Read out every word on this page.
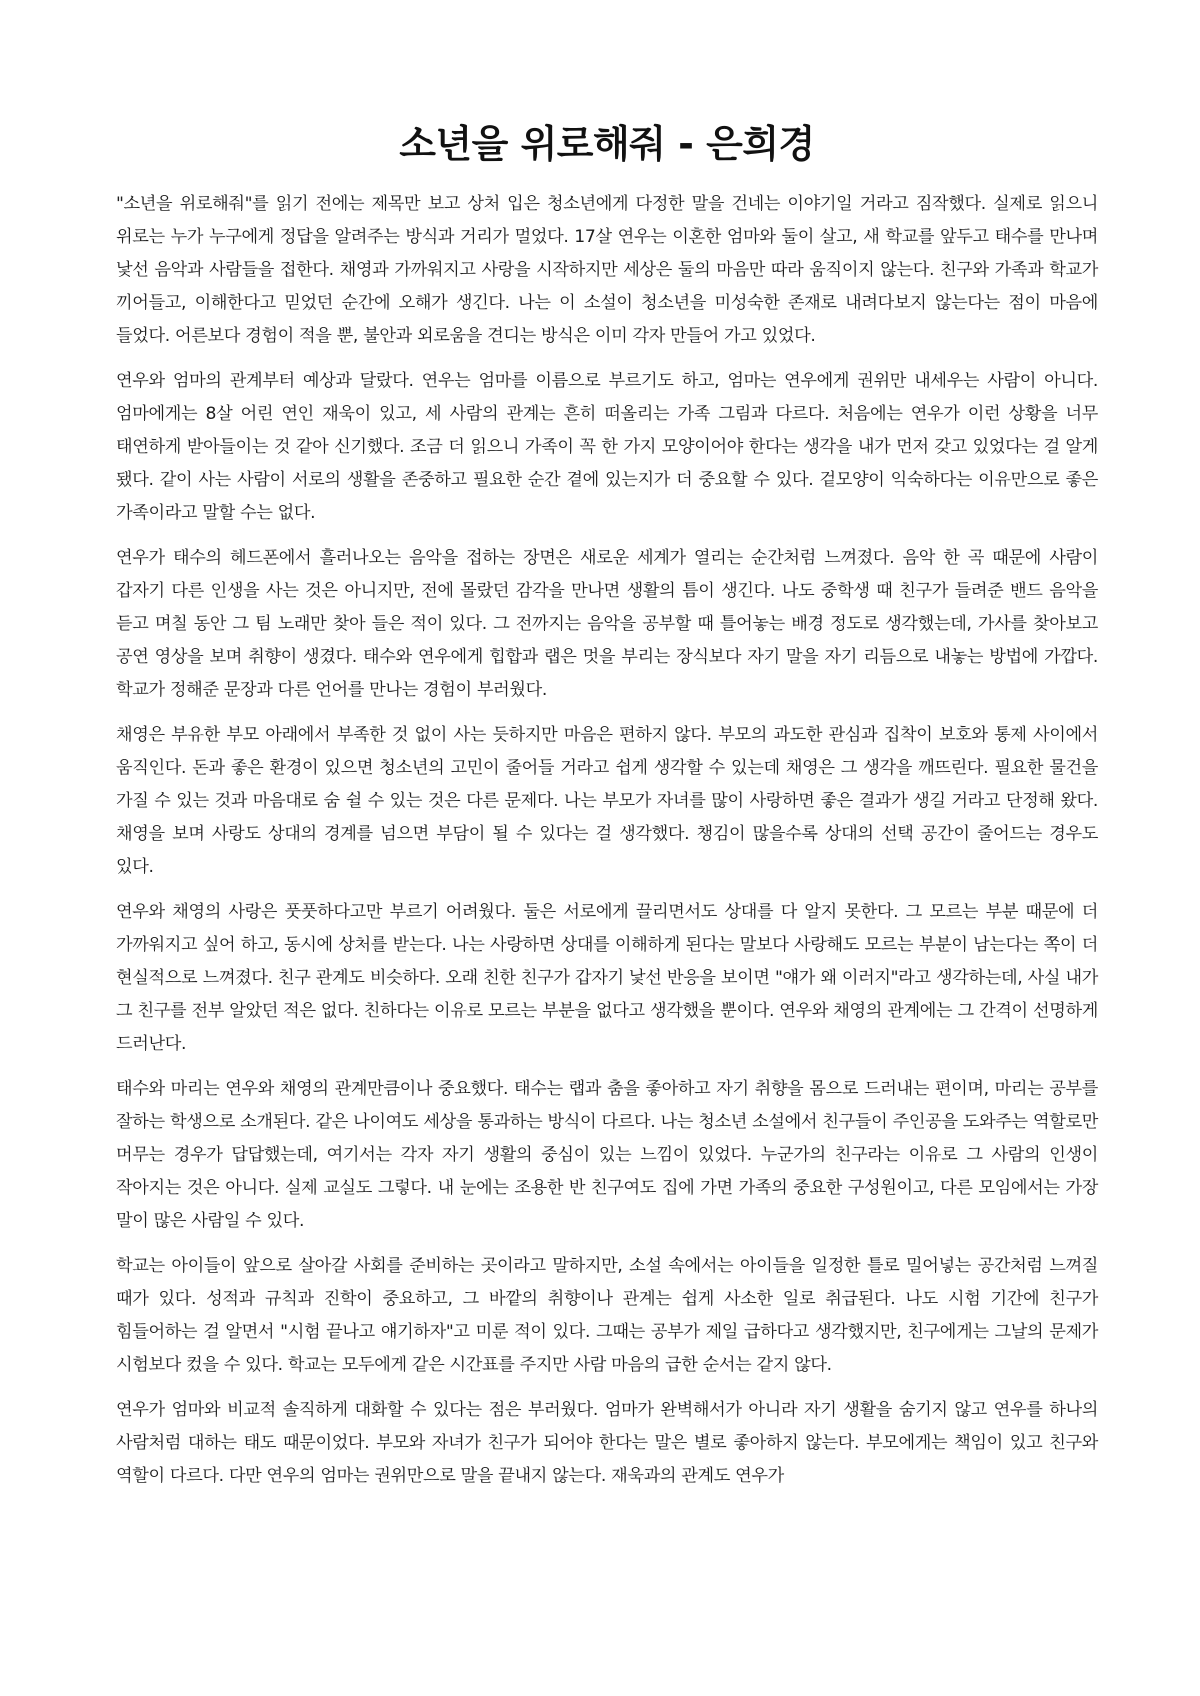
소년을 위로해줘 - 은희경

"소년을 위로해줘"를 읽기 전에는 제목만 보고 상처 입은 청소년에게 다정한 말을 건네는 이야기일 거라고 짐작했다. 실제로 읽으니 위로는 누가 누구에게 정답을 알려주는 방식과 거리가 멀었다. 17살 연우는 이혼한 엄마와 둘이 살고, 새 학교를 앞두고 태수를 만나며 낯선 음악과 사람들을 접한다. 채영과 가까워지고 사랑을 시작하지만 세상은 둘의 마음만 따라 움직이지 않는다. 친구와 가족과 학교가 끼어들고, 이해한다고 믿었던 순간에 오해가 생긴다. 나는 이 소설이 청소년을 미성숙한 존재로 내려다보지 않는다는 점이 마음에 들었다. 어른보다 경험이 적을 뿐, 불안과 외로움을 견디는 방식은 이미 각자 만들어 가고 있었다.

연우와 엄마의 관계부터 예상과 달랐다. 연우는 엄마를 이름으로 부르기도 하고, 엄마는 연우에게 권위만 내세우는 사람이 아니다. 엄마에게는 8살 어린 연인 재욱이 있고, 세 사람의 관계는 흔히 떠올리는 가족 그림과 다르다. 처음에는 연우가 이런 상황을 너무 태연하게 받아들이는 것 같아 신기했다. 조금 더 읽으니 가족이 꼭 한 가지 모양이어야 한다는 생각을 내가 먼저 갖고 있었다는 걸 알게 됐다. 같이 사는 사람이 서로의 생활을 존중하고 필요한 순간 곁에 있는지가 더 중요할 수 있다. 겉모양이 익숙하다는 이유만으로 좋은 가족이라고 말할 수는 없다.

연우가 태수의 헤드폰에서 흘러나오는 음악을 접하는 장면은 새로운 세계가 열리는 순간처럼 느껴졌다. 음악 한 곡 때문에 사람이 갑자기 다른 인생을 사는 것은 아니지만, 전에 몰랐던 감각을 만나면 생활의 틈이 생긴다. 나도 중학생 때 친구가 들려준 밴드 음악을 듣고 며칠 동안 그 팀 노래만 찾아 들은 적이 있다. 그 전까지는 음악을 공부할 때 틀어놓는 배경 정도로 생각했는데, 가사를 찾아보고 공연 영상을 보며 취향이 생겼다. 태수와 연우에게 힙합과 랩은 멋을 부리는 장식보다 자기 말을 자기 리듬으로 내놓는 방법에 가깝다. 학교가 정해준 문장과 다른 언어를 만나는 경험이 부러웠다.

채영은 부유한 부모 아래에서 부족한 것 없이 사는 듯하지만 마음은 편하지 않다. 부모의 과도한 관심과 집착이 보호와 통제 사이에서 움직인다. 돈과 좋은 환경이 있으면 청소년의 고민이 줄어들 거라고 쉽게 생각할 수 있는데 채영은 그 생각을 깨뜨린다. 필요한 물건을 가질 수 있는 것과 마음대로 숨 쉴 수 있는 것은 다른 문제다. 나는 부모가 자녀를 많이 사랑하면 좋은 결과가 생길 거라고 단정해 왔다. 채영을 보며 사랑도 상대의 경계를 넘으면 부담이 될 수 있다는 걸 생각했다. 챙김이 많을수록 상대의 선택 공간이 줄어드는 경우도 있다.

연우와 채영의 사랑은 풋풋하다고만 부르기 어려웠다. 둘은 서로에게 끌리면서도 상대를 다 알지 못한다. 그 모르는 부분 때문에 더 가까워지고 싶어 하고, 동시에 상처를 받는다. 나는 사랑하면 상대를 이해하게 된다는 말보다 사랑해도 모르는 부분이 남는다는 쪽이 더 현실적으로 느껴졌다. 친구 관계도 비슷하다. 오래 친한 친구가 갑자기 낯선 반응을 보이면 "얘가 왜 이러지"라고 생각하는데, 사실 내가 그 친구를 전부 알았던 적은 없다. 친하다는 이유로 모르는 부분을 없다고 생각했을 뿐이다. 연우와 채영의 관계에는 그 간격이 선명하게 드러난다.

태수와 마리는 연우와 채영의 관계만큼이나 중요했다. 태수는 랩과 춤을 좋아하고 자기 취향을 몸으로 드러내는 편이며, 마리는 공부를 잘하는 학생으로 소개된다. 같은 나이여도 세상을 통과하는 방식이 다르다. 나는 청소년 소설에서 친구들이 주인공을 도와주는 역할로만 머무는 경우가 답답했는데, 여기서는 각자 자기 생활의 중심이 있는 느낌이 있었다. 누군가의 친구라는 이유로 그 사람의 인생이 작아지는 것은 아니다. 실제 교실도 그렇다. 내 눈에는 조용한 반 친구여도 집에 가면 가족의 중요한 구성원이고, 다른 모임에서는 가장 말이 많은 사람일 수 있다.

학교는 아이들이 앞으로 살아갈 사회를 준비하는 곳이라고 말하지만, 소설 속에서는 아이들을 일정한 틀로 밀어넣는 공간처럼 느껴질 때가 있다. 성적과 규칙과 진학이 중요하고, 그 바깥의 취향이나 관계는 쉽게 사소한 일로 취급된다. 나도 시험 기간에 친구가 힘들어하는 걸 알면서 "시험 끝나고 얘기하자"고 미룬 적이 있다. 그때는 공부가 제일 급하다고 생각했지만, 친구에게는 그날의 문제가 시험보다 컸을 수 있다. 학교는 모두에게 같은 시간표를 주지만 사람 마음의 급한 순서는 같지 않다.

연우가 엄마와 비교적 솔직하게 대화할 수 있다는 점은 부러웠다. 엄마가 완벽해서가 아니라 자기 생활을 숨기지 않고 연우를 하나의 사람처럼 대하는 태도 때문이었다. 부모와 자녀가 친구가 되어야 한다는 말은 별로 좋아하지 않는다. 부모에게는 책임이 있고 친구와 역할이 다르다. 다만 연우의 엄마는 권위만으로 말을 끝내지 않는다. 재욱과의 관계도 연우가
